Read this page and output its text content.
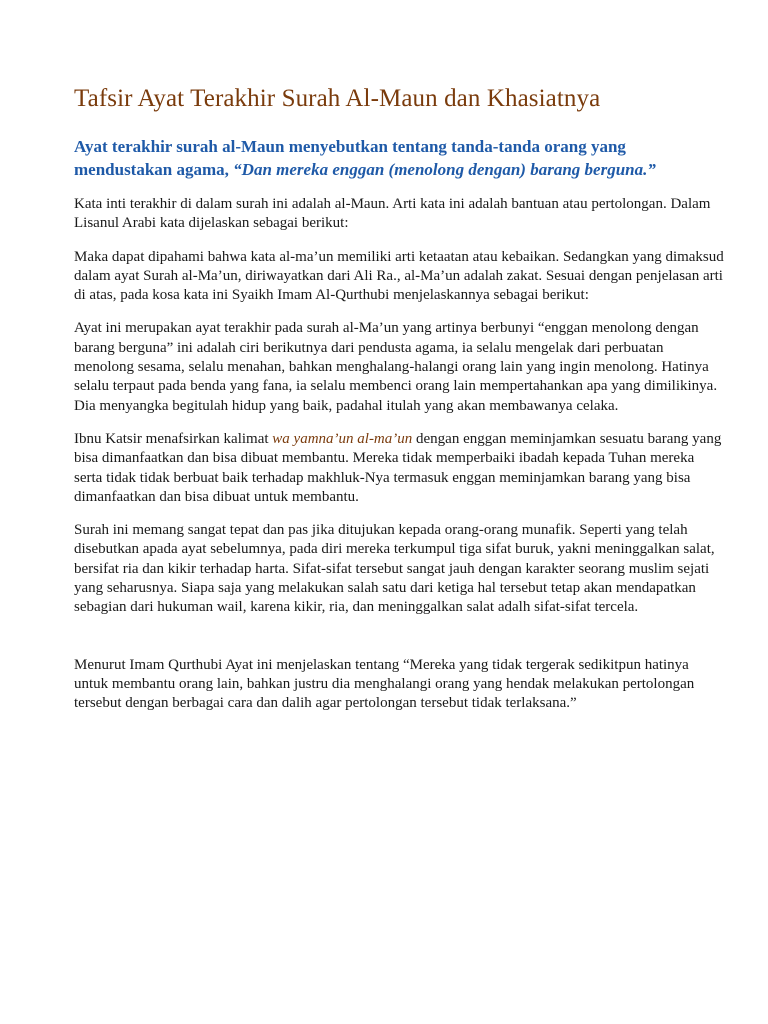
Tafsir Ayat Terakhir Surah Al-Maun dan Khasiatnya

Ayat terakhir surah al-Maun menyebutkan tentang tanda-tanda orang yang mendustakan agama, “Dan mereka enggan (menolong dengan) barang berguna.”

Kata inti terakhir di dalam surah ini adalah al-Maun. Arti kata ini adalah bantuan atau pertolongan. Dalam Lisanul Arabi kata dijelaskan sebagai berikut:

Maka dapat dipahami bahwa kata al-ma’un memiliki arti ketaatan atau kebaikan. Sedangkan yang dimaksud dalam ayat Surah al-Ma’un, diriwayatkan dari Ali Ra., al-Ma’un adalah zakat. Sesuai dengan penjelasan arti di atas, pada kosa kata ini Syaikh Imam Al-Qurthubi menjelaskannya sebagai berikut:

Ayat ini merupakan ayat terakhir pada surah al-Ma’un yang artinya berbunyi “enggan menolong dengan barang berguna” ini adalah ciri berikutnya dari pendusta agama, ia selalu mengelak dari perbuatan menolong sesama, selalu menahan, bahkan menghalang-halangi orang lain yang ingin menolong. Hatinya selalu terpaut pada benda yang fana, ia selalu membenci orang lain mempertahankan apa yang dimilikinya. Dia menyangka begitulah hidup yang baik, padahal itulah yang akan membawanya celaka.

Ibnu Katsir menafsirkan kalimat wa yamna’un al-ma’un dengan enggan meminjamkan sesuatu barang yang bisa dimanfaatkan dan bisa dibuat membantu. Mereka tidak memperbaiki ibadah kepada Tuhan mereka serta tidak tidak berbuat baik terhadap makhluk-Nya termasuk enggan meminjamkan barang yang bisa dimanfaatkan dan bisa dibuat untuk membantu.

Surah ini memang sangat tepat dan pas jika ditujukan kepada orang-orang munafik. Seperti yang telah disebutkan apada ayat sebelumnya, pada diri mereka terkumpul tiga sifat buruk, yakni meninggalkan salat, bersifat ria dan kikir terhadap harta. Sifat-sifat tersebut sangat jauh dengan karakter seorang muslim sejati yang seharusnya. Siapa saja yang melakukan salah satu dari ketiga hal tersebut tetap akan mendapatkan sebagian dari hukuman wail, karena kikir, ria, dan meninggalkan salat adalh sifat-sifat tercela.

Menurut Imam Qurthubi Ayat ini menjelaskan tentang “Mereka yang tidak tergerak sedikitpun hatinya untuk membantu orang lain, bahkan justru dia menghalangi orang yang hendak melakukan pertolongan tersebut dengan berbagai cara dan dalih agar pertolongan tersebut tidak terlaksana.”
